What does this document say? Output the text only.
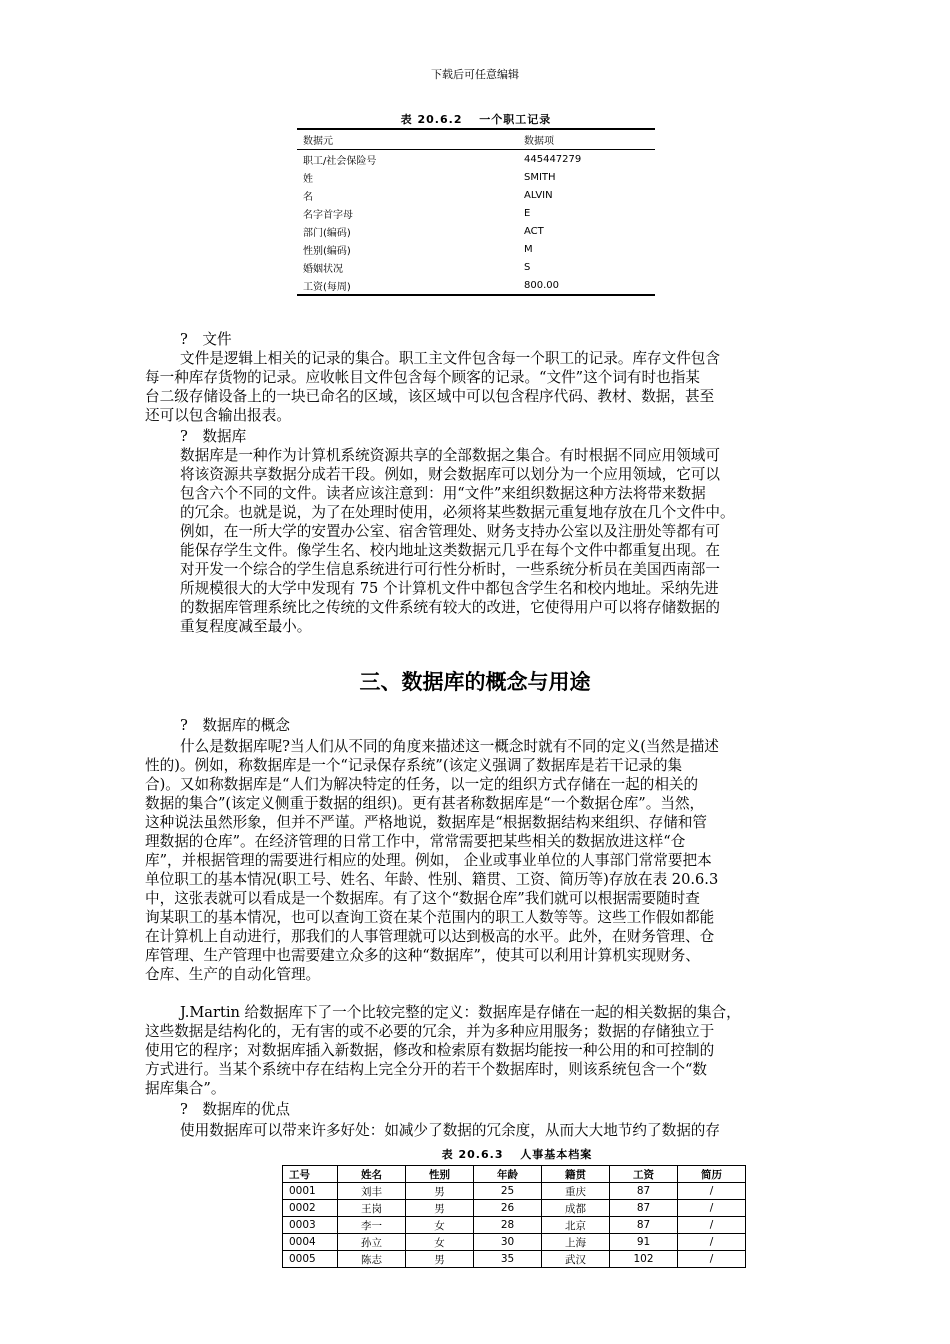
下载后可任意编辑
表 20.6.2　 一个职工记录
数据元	数据项
职工/社会保险号	445447279
姓	SMITH
名	ALVIN
名字首字母	E
部门(编码)	ACT
性别(编码)	M
婚姻状况	S
工资(每周)	800.00
?　文件
文件是逻辑上相关的记录的集合。职工主文件包含每一个职工的记录。库存文件包含
每一种库存货物的记录。应收帐目文件包含每个顾客的记录。“文件”这个词有时也指某
台二级存储设备上的一块已命名的区域，该区域中可以包含程序代码、教材、数据，甚至
还可以包含输出报表。
?　数据库
数据库是一种作为计算机系统资源共享的全部数据之集合。有时根据不同应用领域可
将该资源共享数据分成若干段。例如，财会数据库可以划分为一个应用领域，它可以
包含六个不同的文件。读者应该注意到：用“文件”来组织数据这种方法将带来数据
的冗余。也就是说，为了在处理时使用，必须将某些数据元重复地存放在几个文件中。
例如，在一所大学的安置办公室、宿舍管理处、财务支持办公室以及注册处等都有可
能保存学生文件。像学生名、校内地址这类数据元几乎在每个文件中都重复出现。在
对开发一个综合的学生信息系统进行可行性分析时，一些系统分析员在美国西南部一
所规模很大的大学中发现有 75 个计算机文件中都包含学生名和校内地址。采纳先进
的数据库管理系统比之传统的文件系统有较大的改进，它使得用户可以将存储数据的
重复程度减至最小。
三、数据库的概念与用途
?　数据库的概念
什么是数据库呢?当人们从不同的角度来描述这一概念时就有不同的定义(当然是描述
性的)。例如，称数据库是一个“记录保存系统”(该定义强调了数据库是若干记录的集
合)。又如称数据库是“人们为解决特定的任务，以一定的组织方式存储在一起的相关的
数据的集合”(该定义侧重于数据的组织)。更有甚者称数据库是“一个数据仓库”。当然，
这种说法虽然形象，但并不严谨。严格地说，数据库是“根据数据结构来组织、存储和管
理数据的仓库”。在经济管理的日常工作中，常常需要把某些相关的数据放进这样“仓
库”，并根据管理的需要进行相应的处理。例如， 企业或事业单位的人事部门常常要把本
单位职工的基本情况(职工号、姓名、年龄、性别、籍贯、工资、简历等)存放在表 20.6.3
中，这张表就可以看成是一个数据库。有了这个“数据仓库”我们就可以根据需要随时查
询某职工的基本情况，也可以查询工资在某个范围内的职工人数等等。这些工作假如都能
在计算机上自动进行，那我们的人事管理就可以达到极高的水平。此外，在财务管理、仓
库管理、生产管理中也需要建立众多的这种“数据库”，使其可以利用计算机实现财务、
仓库、生产的自动化管理。
J.Martin 给数据库下了一个比较完整的定义：数据库是存储在一起的相关数据的集合，
这些数据是结构化的，无有害的或不必要的冗余，并为多种应用服务；数据的存储独立于
使用它的程序；对数据库插入新数据，修改和检索原有数据均能按一种公用的和可控制的
方式进行。当某个系统中存在结构上完全分开的若干个数据库时，则该系统包含一个“数
据库集合”。
?　数据库的优点
使用数据库可以带来许多好处：如减少了数据的冗余度，从而大大地节约了数据的存
表 20.6.3　 人事基本档案
工号	姓名	性别	年龄	籍贯	工资	简历
0001	刘丰	男	25	重庆	87	/
0002	王岗	男	26	成都	87	/
0003	李一	女	28	北京	87	/
0004	孙立	女	30	上海	91	/
0005	陈志	男	35	武汉	102	/
